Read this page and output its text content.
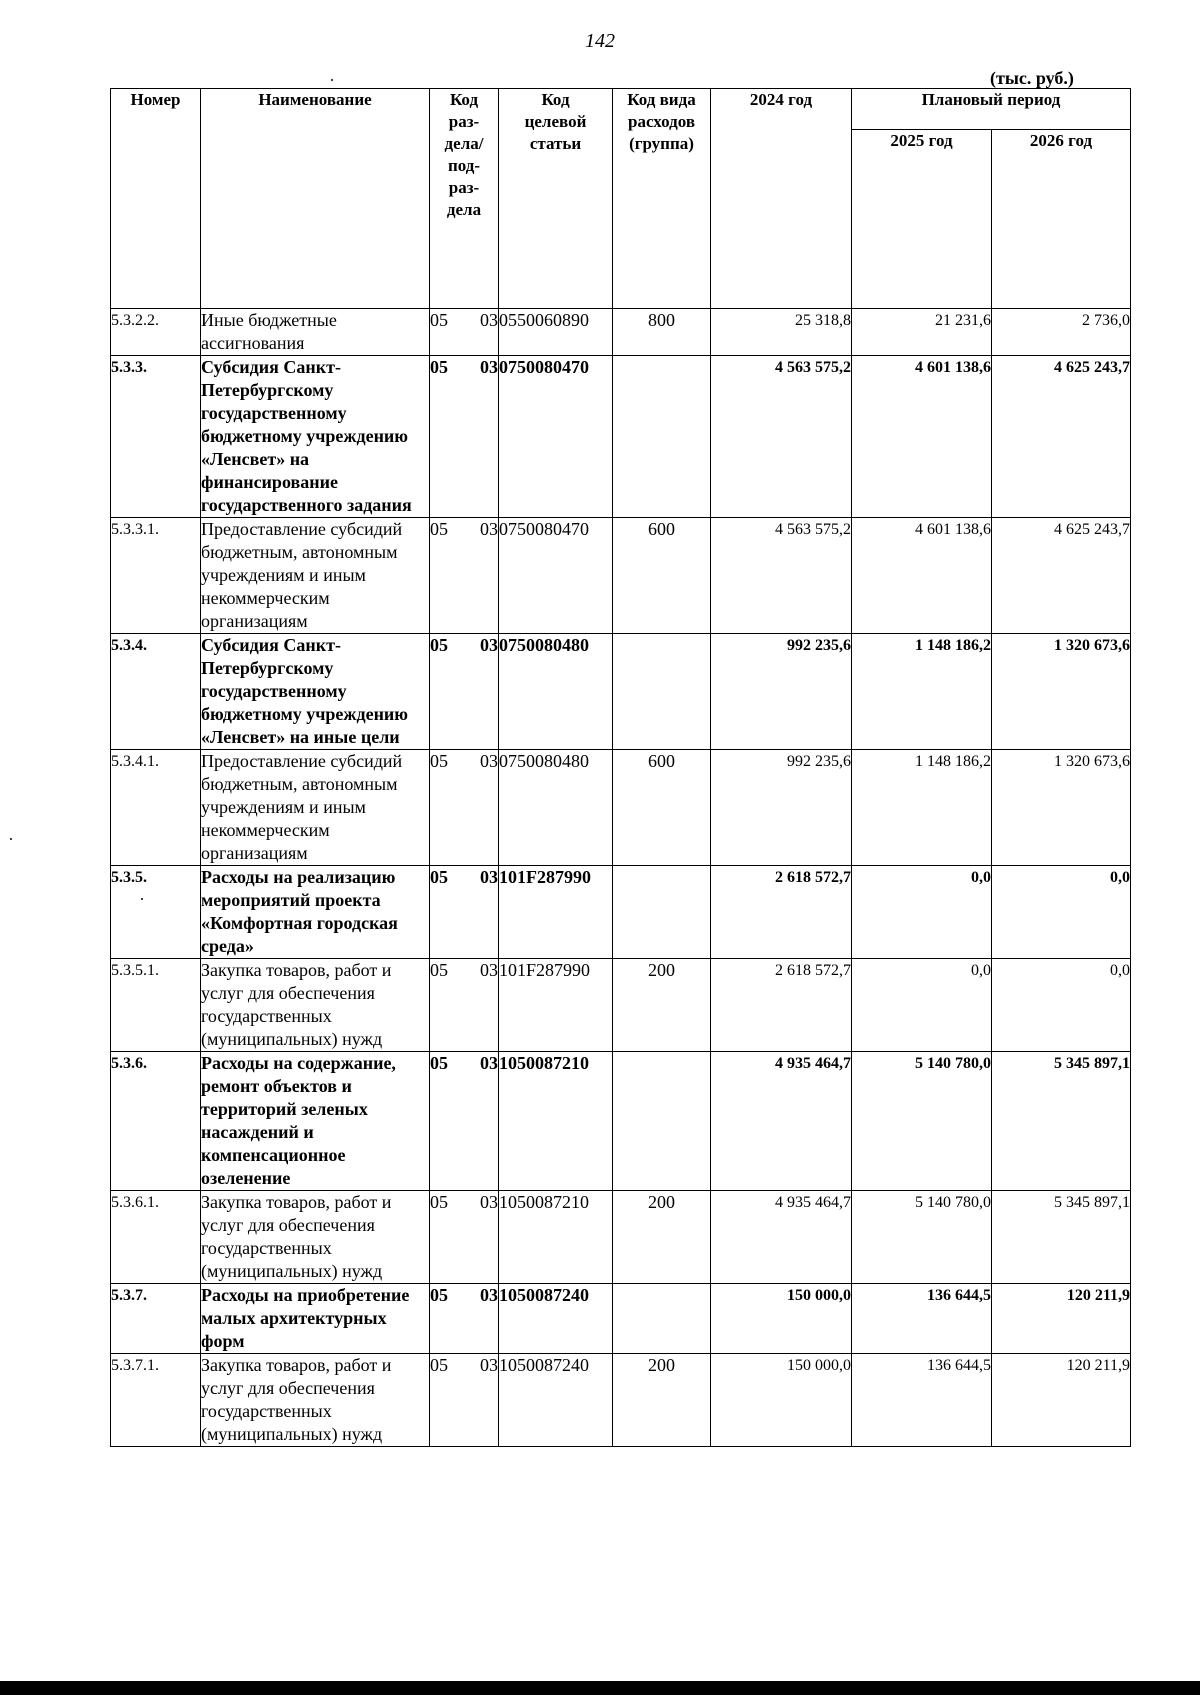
142
(тыс. руб.)
Номер	Наименование	Код раз- дела/ под- раз- дела	Код целевой статьи	Код вида расходов (группа)	2024 год	Плановый период	
						2025 год	2026 год
5.3.2.2.	Иные бюджетные ассигнования	05 03	0550060890	800	25 318,8	21 231,6	2 736,0
5.3.3.	Субсидия Санкт-Петербургскому государственному бюджетному учреждению «Ленсвет» на финансирование государственного задания	05 03	0750080470		4 563 575,2	4 601 138,6	4 625 243,7
5.3.3.1.	Предоставление субсидий бюджетным, автономным учреждениям и иным некоммерческим организациям	05 03	0750080470	600	4 563 575,2	4 601 138,6	4 625 243,7
5.3.4.	Субсидия Санкт-Петербургскому государственному бюджетному учреждению «Ленсвет» на иные цели	05 03	0750080480		992 235,6	1 148 186,2	1 320 673,6
5.3.4.1.	Предоставление субсидий бюджетным, автономным учреждениям и иным некоммерческим организациям	05 03	0750080480	600	992 235,6	1 148 186,2	1 320 673,6
5.3.5.	Расходы на реализацию мероприятий проекта «Комфортная городская среда»	05 03	101F287990		2 618 572,7	0,0	0,0
5.3.5.1.	Закупка товаров, работ и услуг для обеспечения государственных (муниципальных) нужд	05 03	101F287990	200	2 618 572,7	0,0	0,0
5.3.6.	Расходы на содержание, ремонт объектов и территорий зеленых насаждений и компенсационное озеленение	05 03	1050087210		4 935 464,7	5 140 780,0	5 345 897,1
5.3.6.1.	Закупка товаров, работ и услуг для обеспечения государственных (муниципальных) нужд	05 03	1050087210	200	4 935 464,7	5 140 780,0	5 345 897,1
5.3.7.	Расходы на приобретение малых архитектурных форм	05 03	1050087240		150 000,0	136 644,5	120 211,9
5.3.7.1.	Закупка товаров, работ и услуг для обеспечения государственных (муниципальных) нужд	05 03	1050087240	200	150 000,0	136 644,5	120 211,9
